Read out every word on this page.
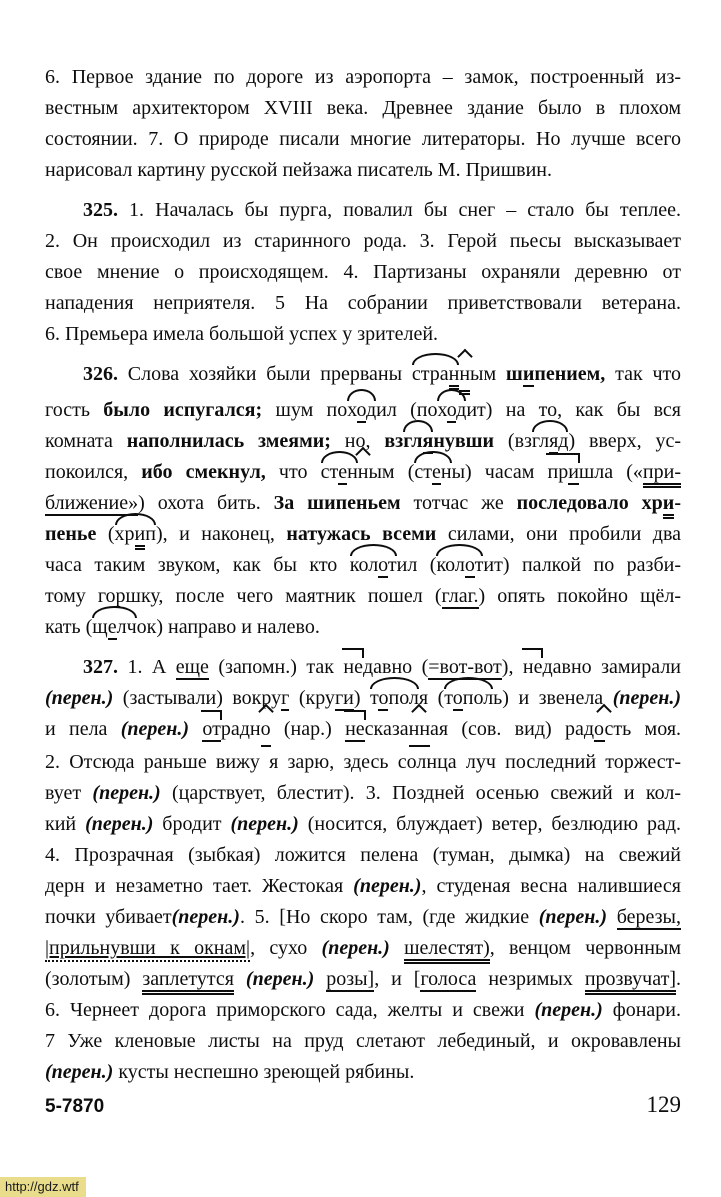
6. Первое здание по дороге из аэропорта – замок, построенный из-
вестным архитектором XVIII века. Древнее здание было в плохом
состоянии. 7. О природе писали многие литераторы. Но лучше всего
нарисовал картину русской пейзажа писатель М. Пришвин.
325. 1. Началась бы пурга, повалил бы снег – стало бы теплее.
2. Он происходил из старинного рода. 3. Герой пьесы высказывает
свое мнение о происходящем. 4. Партизаны охраняли деревню от
нападения неприятеля. 5 На собрании приветствовали ветерана.
6. Премьера имела большой успех у зрителей.
326. Слова хозяйки были прерваны странным шипением, так что
гость было испугался; шум походил (походит) на то, как бы вся
комната наполнилась змеями; но, взглянувши (взгляд) вверх, ус-
покоился, ибо смекнул, что стенным (стены) часам пришла («при-
ближение») охота бить. За шипеньем тотчас же последовало хри-
пенье (хрип), и наконец, натужась всеми силами, они пробили два
часа таким звуком, как бы кто колотил (колотит) палкой по разби-
тому горшку, после чего маятник пошел (глаг.) опять покойно щёл-
кать (щелчок) направо и налево.
327. 1. А еще (запомн.) так недавно (=вот-вот), недавно замирали
(перен.) (застывали) вокруг (круги) тополя (тополь) и звенела (перен.)
и пела (перен.) отрадно (нар.) несказанная (сов. вид) радость моя.
2. Отсюда раньше вижу я зарю, здесь солнца луч последний торжест-
вует (перен.) (царствует, блестит). 3. Поздней осенью свежий и кол-
кий (перен.) бродит (перен.) (носится, блуждает) ветер, безлюдию рад.
4. Прозрачная (зыбкая) ложится пелена (туман, дымка) на свежий
дерн и незаметно тает. Жестокая (перен.), студеная весна налившиеся
почки убивает(перен.). 5. [Но скоро там, (где жидкие (перен.) березы,
|прильнувши к окнам|, сухо (перен.) шелестят), венцом червонным
(золотым) заплетутся (перен.) розы], и [голоса незримых прозвучат].
6. Чернеет дорога приморского сада, желты и свежи (перен.) фонари.
7 Уже кленовые листы на пруд слетают лебединый, и окровавлены
(перен.) кусты неспешно зреющей рябины.
5-7870	129
http://gdz.wtf
